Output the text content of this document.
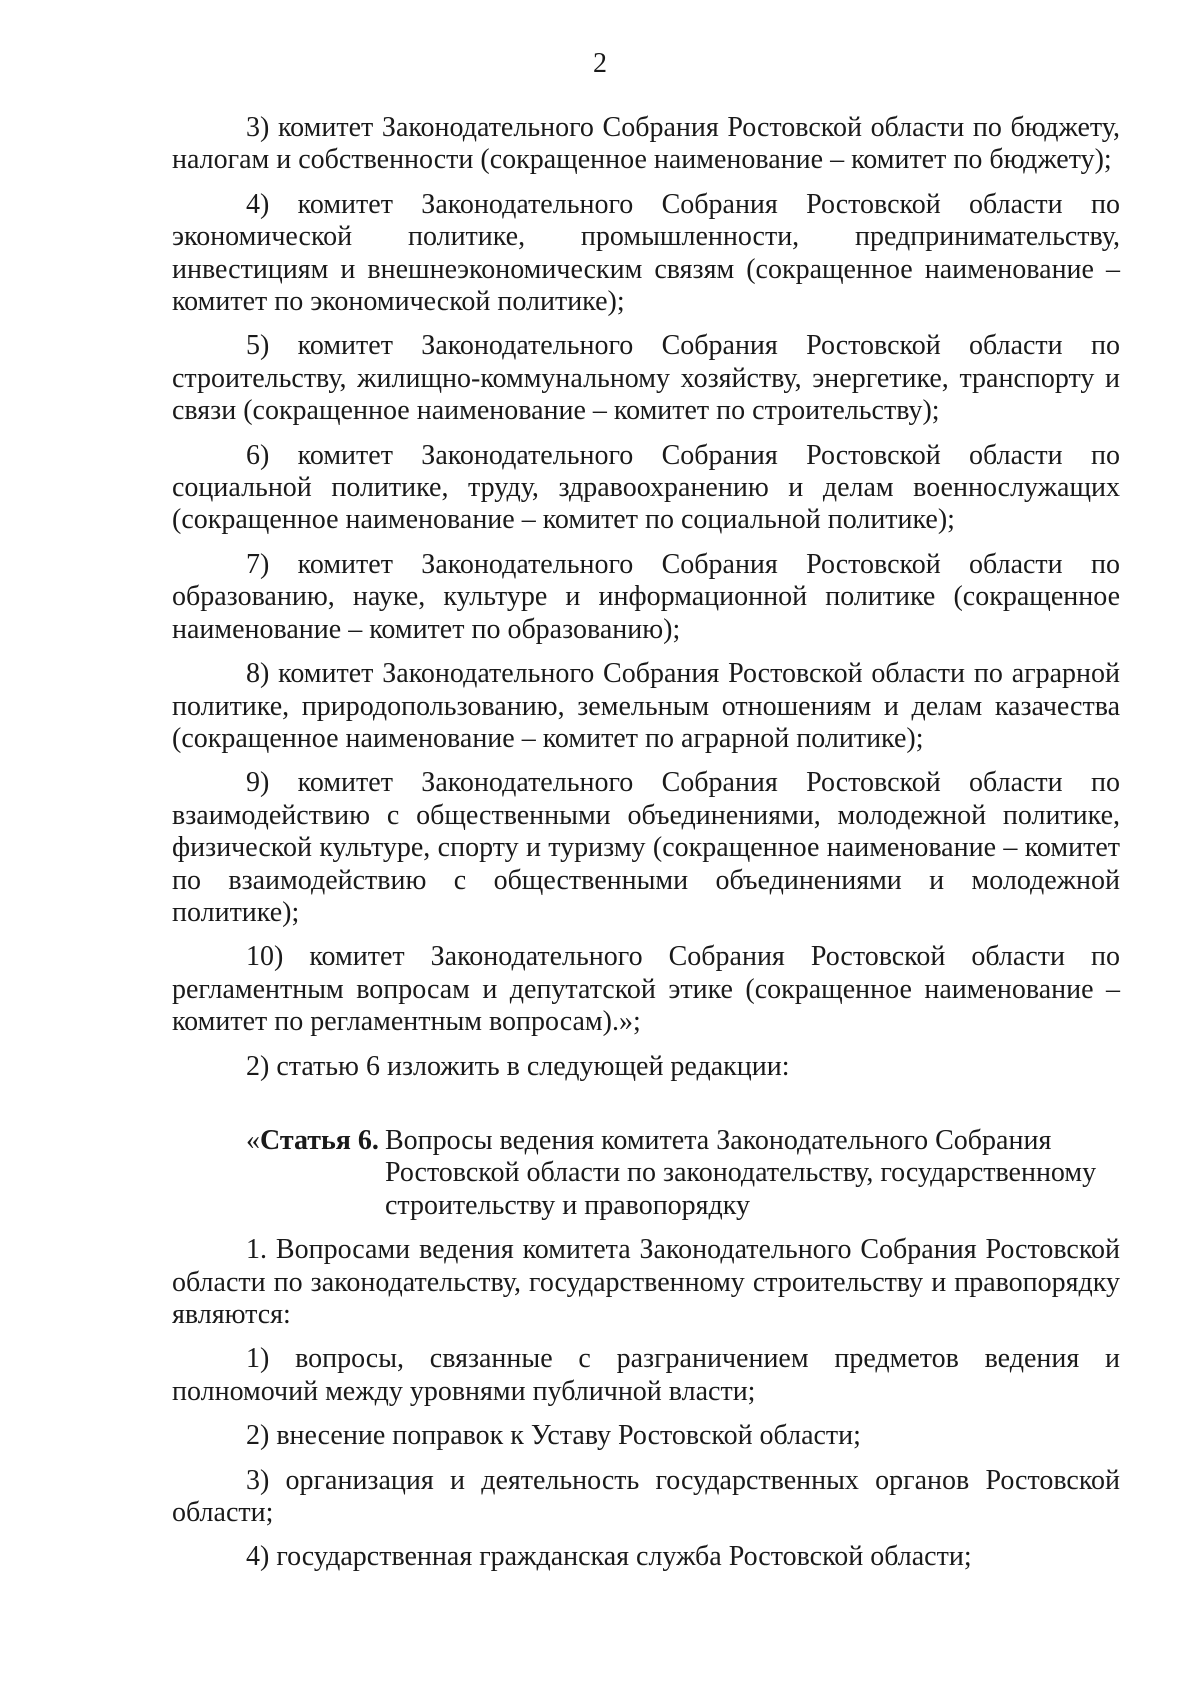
2

3) комитет Законодательного Собрания Ростовской области по бюджету, налогам и собственности (сокращенное наименование – комитет по бюджету);

4) комитет Законодательного Собрания Ростовской области по экономической политике, промышленности, предпринимательству, инвестициям и внешнеэкономическим связям (сокращенное наименование – комитет по экономической политике);

5) комитет Законодательного Собрания Ростовской области по строительству, жилищно-коммунальному хозяйству, энергетике, транспорту и связи (сокращенное наименование – комитет по строительству);

6) комитет Законодательного Собрания Ростовской области по социальной политике, труду, здравоохранению и делам военнослужащих (сокращенное наименование – комитет по социальной политике);

7) комитет Законодательного Собрания Ростовской области по образованию, науке, культуре и информационной политике (сокращенное наименование – комитет по образованию);

8) комитет Законодательного Собрания Ростовской области по аграрной политике, природопользованию, земельным отношениям и делам казачества (сокращенное наименование – комитет по аграрной политике);

9) комитет Законодательного Собрания Ростовской области по взаимодействию с общественными объединениями, молодежной политике, физической культуре, спорту и туризму (сокращенное наименование – комитет по взаимодействию с общественными объединениями и молодежной политике);

10) комитет Законодательного Собрания Ростовской области по регламентным вопросам и депутатской этике (сокращенное наименование – комитет по регламентным вопросам).»;

2) статью 6 изложить в следующей редакции:

«Статья 6. Вопросы ведения комитета Законодательного Собрания Ростовской области по законодательству, государственному строительству и правопорядку

1. Вопросами ведения комитета Законодательного Собрания Ростовской области по законодательству, государственному строительству и правопорядку являются:

1) вопросы, связанные с разграничением предметов ведения и полномочий между уровнями публичной власти;

2) внесение поправок к Уставу Ростовской области;

3) организация и деятельность государственных органов Ростовской области;

4) государственная гражданская служба Ростовской области;
